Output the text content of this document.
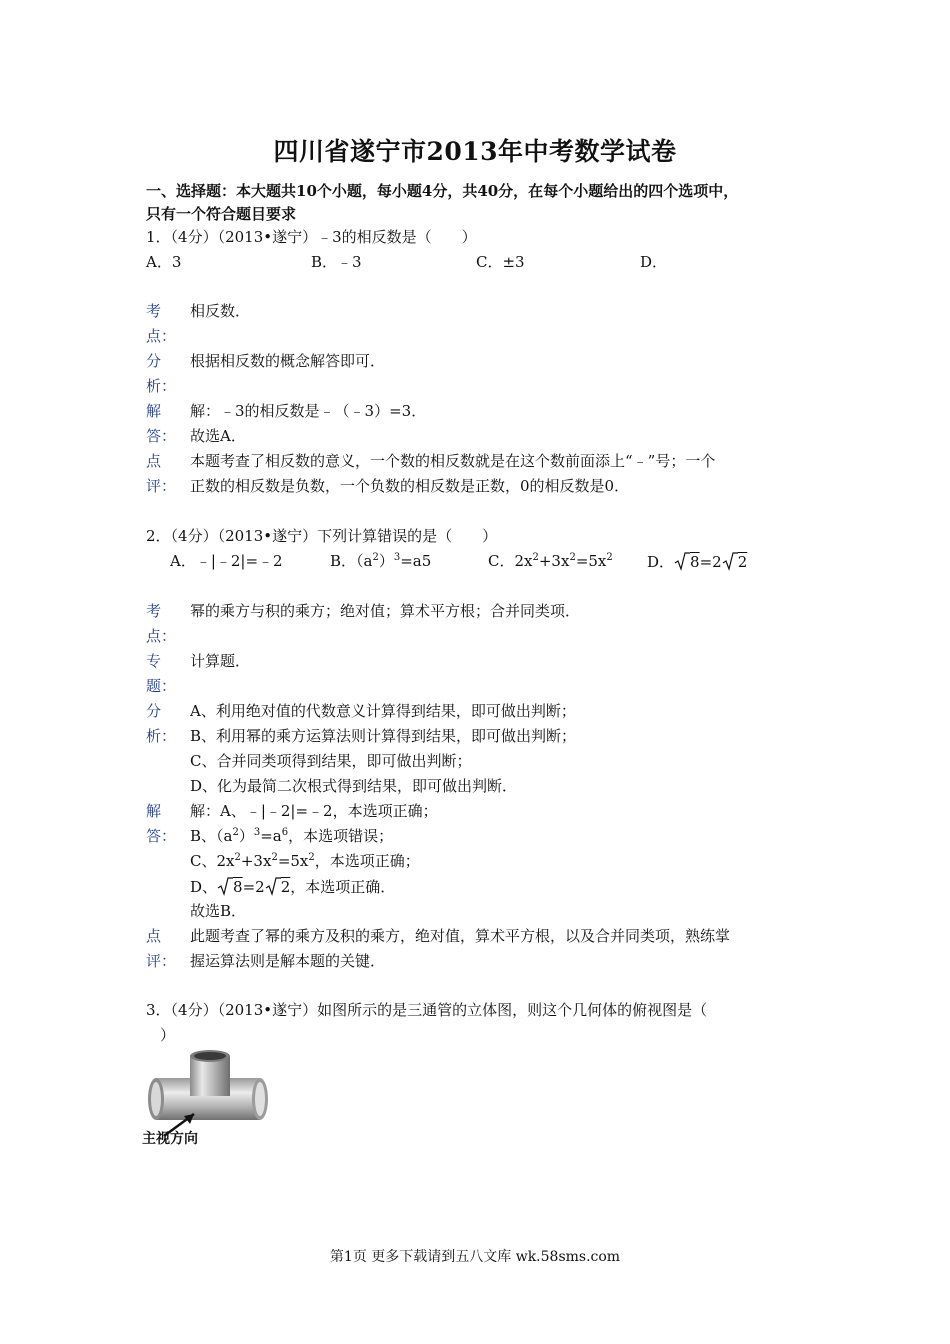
四川省遂宁市2013年中考数学试卷
一、选择题：本大题共10个小题，每小题4分，共40分，在每个小题给出的四个选项中，
只有一个符合题目要求
1．（4分）（2013•遂宁）﹣3的相反数是（　　）
A．3	B．﹣3	C．±3	D．
考
点：
相反数．
分
析：
根据相反数的概念解答即可．
解
答：
解：﹣3的相反数是﹣（﹣3）=3．
故选A．
点
评：
本题考查了相反数的意义，一个数的相反数就是在这个数前面添上“﹣”号；一个
正数的相反数是负数，一个负数的相反数是正数，0的相反数是0．
2．（4分）（2013•遂宁）下列计算错误的是（　　）
A．﹣|﹣2|=﹣2	B．$(a^2)^3=a5$	C．$2x^2+3x^2=5x^2$ D． 8=2 2
考
点：
幂的乘方与积的乘方；绝对值；算术平方根；合并同类项．
专
题：
计算题．
分
析：
A、利用绝对值的代数意义计算得到结果，即可做出判断；
B、利用幂的乘方运算法则计算得到结果，即可做出判断；
C、合并同类项得到结果，即可做出判断；
D、化为最简二次根式得到结果，即可做出判断．
解
答：
解：A、﹣|﹣2|=﹣2，本选项正确；
B、$(a^2)^3=a^6$，本选项错误；
C、$2x^2+3x^2=5x^2$，本选项正确；
D、 8=2 2，本选项正确．
故选B．
点
评：
此题考查了幂的乘方及积的乘方，绝对值，算术平方根，以及合并同类项，熟练掌
握运算法则是解本题的关键．
3．（4分）（2013•遂宁）如图所示的是三通管的立体图，则这个几何体的俯视图是（
）
主视方向
第1页 更多下载请到五八文库 wk.58sms.com
